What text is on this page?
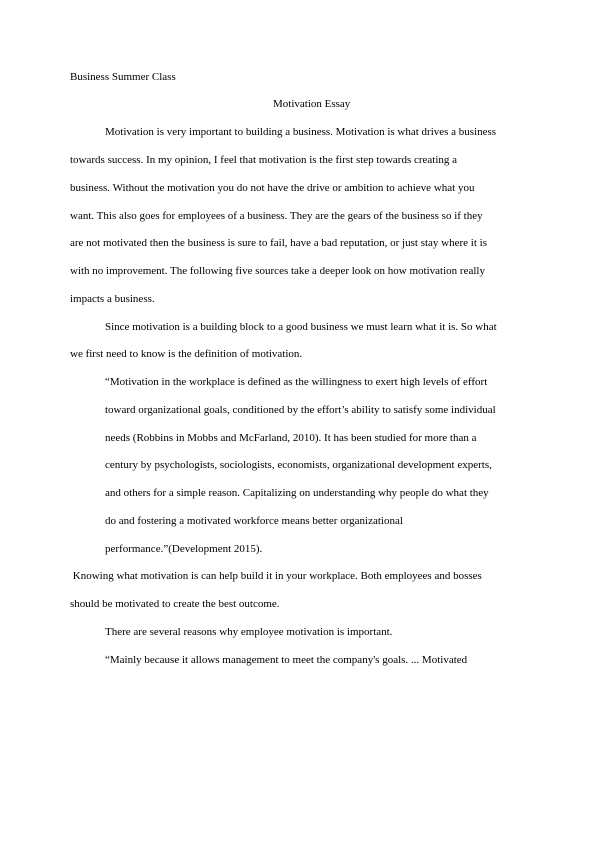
Business Summer Class
Motivation Essay
Motivation is very important to building a business. Motivation is what drives a business
towards success. In my opinion, I feel that motivation is the first step towards creating a
business. Without the motivation you do not have the drive or ambition to achieve what you
want. This also goes for employees of a business. They are the gears of the business so if they
are not motivated then the business is sure to fail, have a bad reputation, or just stay where it is
with no improvement. The following five sources take a deeper look on how motivation really
impacts a business.
Since motivation is a building block to a good business we must learn what it is. So what
we first need to know is the definition of motivation.
“Motivation in the workplace is defined as the willingness to exert high levels of effort
toward organizational goals, conditioned by the effort’s ability to satisfy some individual
needs (Robbins in Mobbs and McFarland, 2010). It has been studied for more than a
century by psychologists, sociologists, economists, organizational development experts,
and others for a simple reason. Capitalizing on understanding why people do what they
do and fostering a motivated workforce means better organizational
performance.”(Development 2015).
Knowing what motivation is can help build it in your workplace. Both employees and bosses
should be motivated to create the best outcome.
There are several reasons why employee motivation is important.
“Mainly because it allows management to meet the company's goals. ... Motivated
